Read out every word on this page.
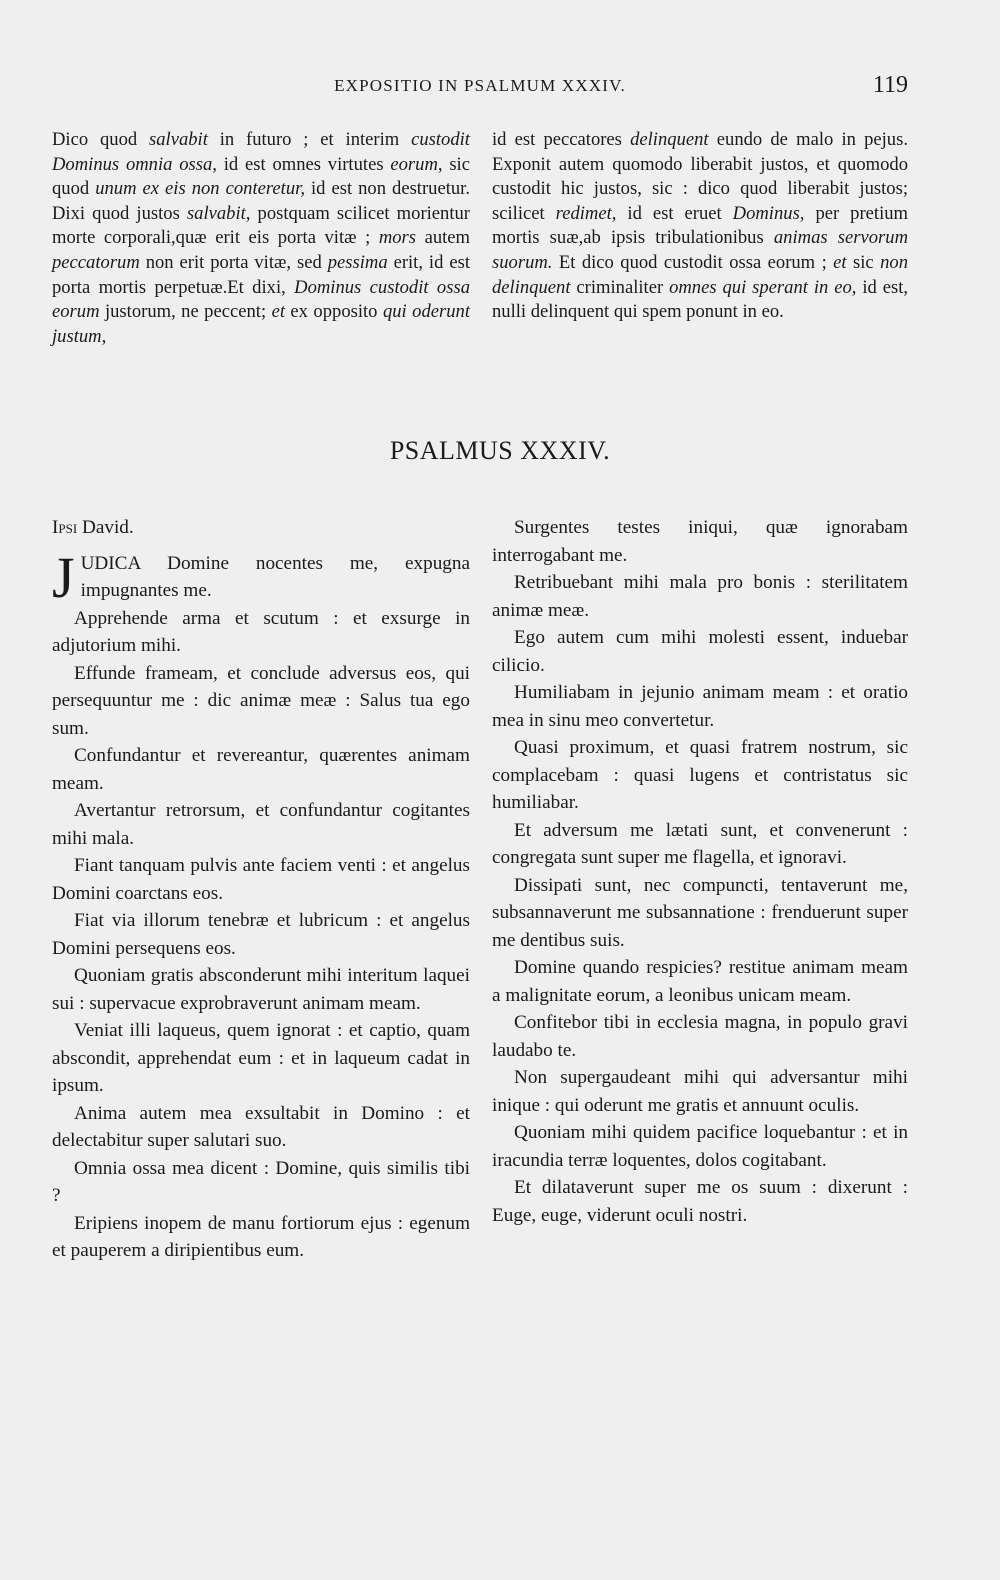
EXPOSITIO IN PSALMUM XXXIV.	119

Dico quod salvabit in futuro ; et interim custodit Dominus omnia ossa, id est omnes virtutes eorum, sic quod unum ex eis non conteretur, id est non destruetur. Dixi quod justos salvabit, postquam scilicet morientur morte corporali,quæ erit eis porta vitæ ; mors autem peccatorum non erit porta vitæ, sed pessima erit, id est porta mortis perpetuæ.Et dixi, Dominus custodit ossa eorum justorum, ne peccent; et ex opposito qui oderunt justum,

id est peccatores delinquent eundo de malo in pejus. Exponit autem quomodo liberabit justos, et quomodo custodit hic justos, sic : dico quod liberabit justos; scilicet redimet, id est eruet Dominus, per pretium mortis suæ,ab ipsis tribulationibus animas servorum suorum. Et dico quod custodit ossa eorum ; et sic non delinquent criminaliter omnes qui sperant in eo, id est, nulli delinquent qui spem ponunt in eo.

PSALMUS XXXIV.

Ipsi David.

JUDICA Domine nocentes me, expugna impugnantes me.

Apprehende arma et scutum : et exsurge in adjutorium mihi.

Effunde frameam, et conclude adversus eos, qui persequuntur me : dic animæ meæ : Salus tua ego sum.

Confundantur et revereantur, quærentes animam meam.

Avertantur retrorsum, et confundantur cogitantes mihi mala.

Fiant tanquam pulvis ante faciem venti : et angelus Domini coarctans eos.

Fiat via illorum tenebræ et lubricum : et angelus Domini persequens eos.

Quoniam gratis absconderunt mihi interitum laquei sui : supervacue exprobraverunt animam meam.

Veniat illi laqueus, quem ignorat : et captio, quam abscondit, apprehendat eum : et in laqueum cadat in ipsum.

Anima autem mea exsultabit in Domino : et delectabitur super salutari suo.

Omnia ossa mea dicent : Domine, quis similis tibi ?

Eripiens inopem de manu fortiorum ejus : egenum et pauperem a diripientibus eum.

Surgentes testes iniqui, quæ ignorabam interrogabant me.

Retribuebant mihi mala pro bonis : sterilitatem animæ meæ.

Ego autem cum mihi molesti essent, induebar cilicio.

Humiliabam in jejunio animam meam : et oratio mea in sinu meo convertetur.

Quasi proximum, et quasi fratrem nostrum, sic complacebam : quasi lugens et contristatus sic humiliabar.

Et adversum me lætati sunt, et convenerunt : congregata sunt super me flagella, et ignoravi.

Dissipati sunt, nec compuncti, tentaverunt me, subsannaverunt me subsannatione : frenduerunt super me dentibus suis.

Domine quando respicies? restitue animam meam a malignitate eorum, a leonibus unicam meam.

Confitebor tibi in ecclesia magna, in populo gravi laudabo te.

Non supergaudeant mihi qui adversantur mihi inique : qui oderunt me gratis et annuunt oculis.

Quoniam mihi quidem pacifice loquebantur : et in iracundia terræ loquentes, dolos cogitabant.

Et dilataverunt super me os suum : dixerunt : Euge, euge, viderunt oculi nostri.
